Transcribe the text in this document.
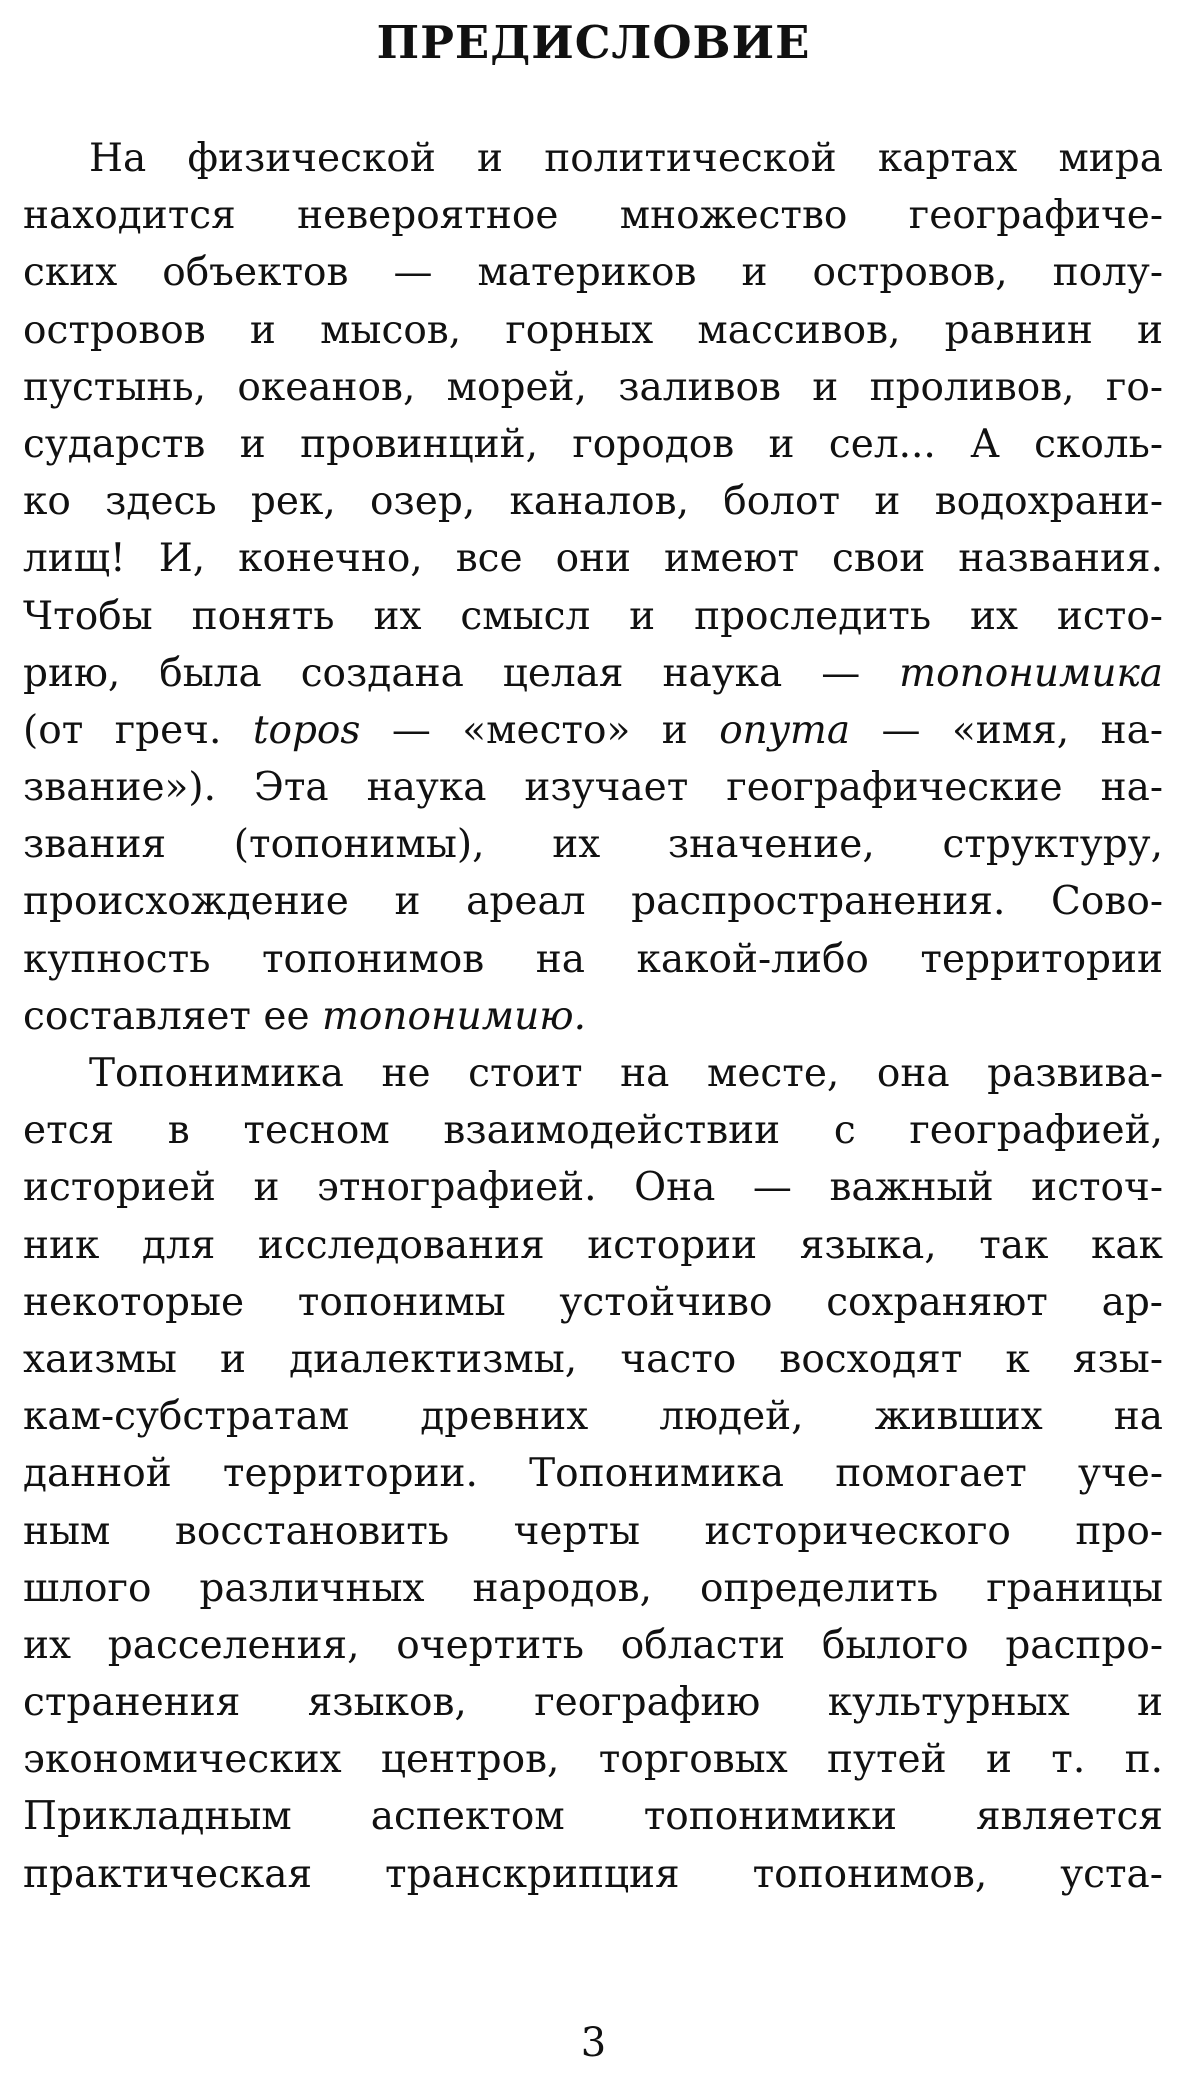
ПРЕДИСЛОВИЕ
На физической и политической картах мира
находится невероятное множество географиче-
ских объектов — материков и островов, полу-
островов и мысов, горных массивов, равнин и
пустынь, океанов, морей, заливов и проливов, го-
сударств и провинций, городов и сел... А сколь-
ко здесь рек, озер, каналов, болот и водохрани-
лищ! И, конечно, все они имеют свои названия.
Чтобы понять их смысл и проследить их исто-
рию, была создана целая наука — топонимика
(от греч. topos — «место» и onyma — «имя, на-
звание»). Эта наука изучает географические на-
звания (топонимы), их значение, структуру,
происхождение и ареал распространения. Сово-
купность топонимов на какой-либо территории
составляет ее топонимию.
Топонимика не стоит на месте, она развива-
ется в тесном взаимодействии с географией,
историей и этнографией. Она — важный источ-
ник для исследования истории языка, так как
некоторые топонимы устойчиво сохраняют ар-
хаизмы и диалектизмы, часто восходят к язы-
кам-субстратам древних людей, живших на
данной территории. Топонимика помогает уче-
ным восстановить черты исторического про-
шлого различных народов, определить границы
их расселения, очертить области былого распро-
странения языков, географию культурных и
экономических центров, торговых путей и т. п.
Прикладным аспектом топонимики является
практическая транскрипция топонимов, уста-
3
